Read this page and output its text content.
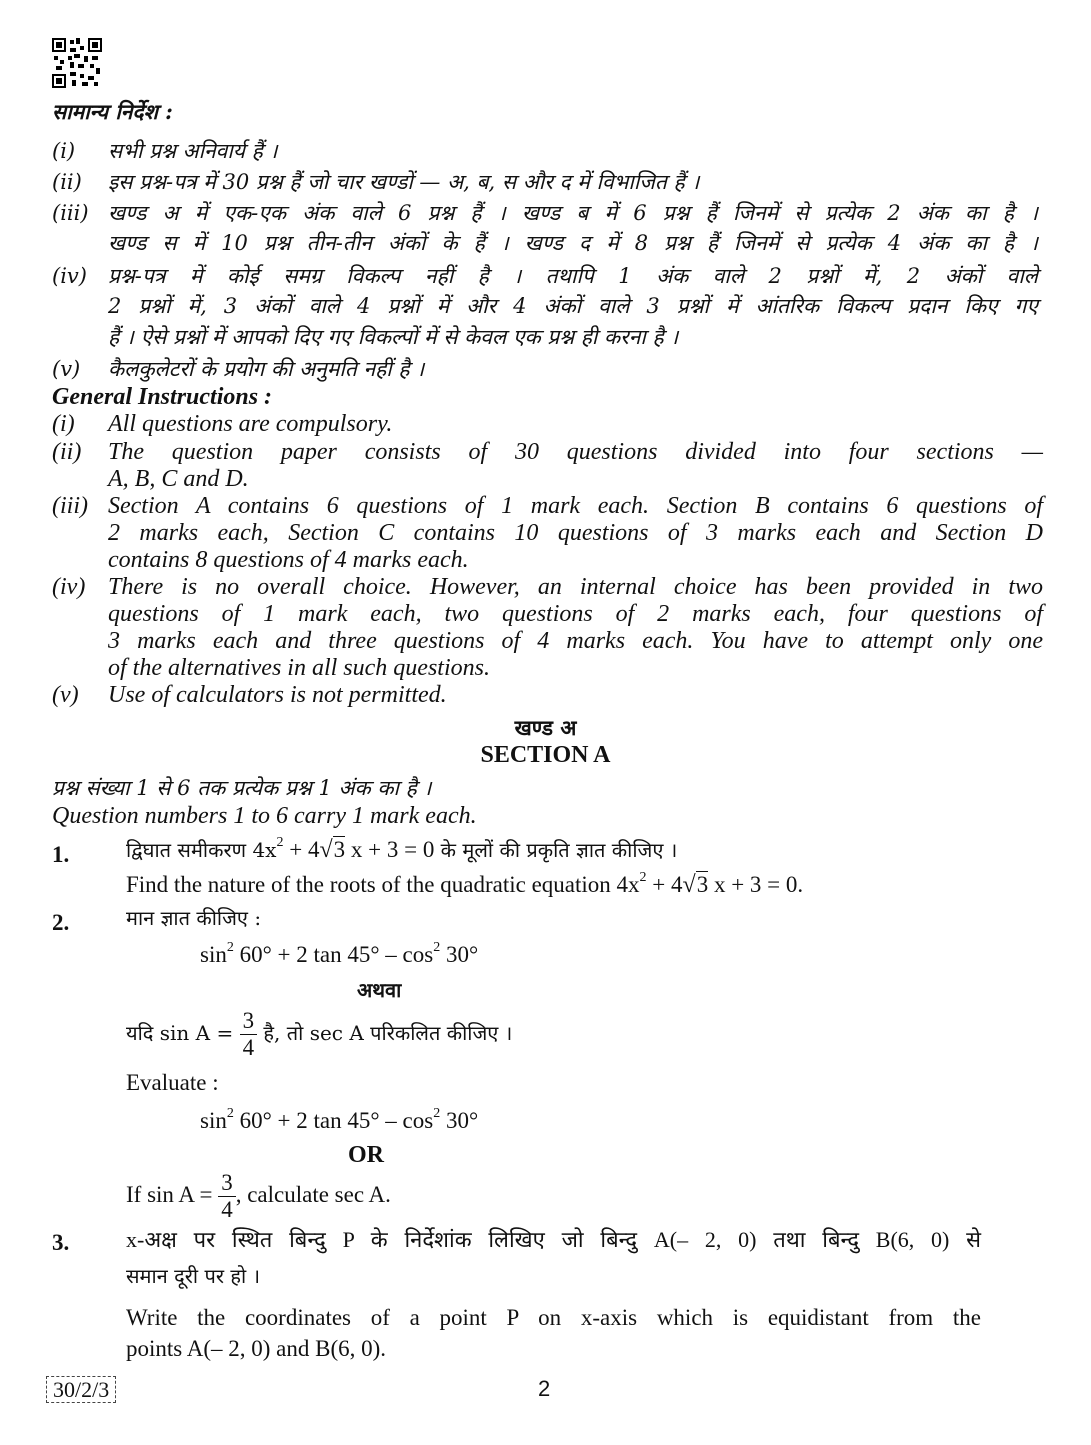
सामान्य निर्देश :
(i) सभी प्रश्न अनिवार्य हैं ।
(ii) इस प्रश्न-पत्र में 30 प्रश्न हैं जो चार खण्डों — अ, ब, स और द में विभाजित हैं ।
(iii) खण्ड अ में एक-एक अंक वाले 6 प्रश्न हैं । खण्ड ब में 6 प्रश्न हैं जिनमें से प्रत्येक 2 अंक का है ।
खण्ड स में 10 प्रश्न तीन-तीन अंकों के हैं । खण्ड द में 8 प्रश्न हैं जिनमें से प्रत्येक 4 अंक का है ।
(iv) प्रश्न-पत्र में कोई समग्र विकल्प नहीं है । तथापि 1 अंक वाले 2 प्रश्नों में, 2 अंकों वाले
2 प्रश्नों में, 3 अंकों वाले 4 प्रश्नों में और 4 अंकों वाले 3 प्रश्नों में आंतरिक विकल्प प्रदान किए गए
हैं । ऐसे प्रश्नों में आपको दिए गए विकल्पों में से केवल एक प्रश्न ही करना है ।
(v) कैलकुलेटरों के प्रयोग की अनुमति नहीं है ।
General Instructions :
(i) All questions are compulsory.
(ii) The question paper consists of 30 questions divided into four sections —
A, B, C and D.
(iii) Section A contains 6 questions of 1 mark each. Section B contains 6 questions of
2 marks each, Section C contains 10 questions of 3 marks each and Section D
contains 8 questions of 4 marks each.
(iv) There is no overall choice. However, an internal choice has been provided in two
questions of 1 mark each, two questions of 2 marks each, four questions of
3 marks each and three questions of 4 marks each. You have to attempt only one
of the alternatives in all such questions.
(v) Use of calculators is not permitted.
खण्ड अ
SECTION A
प्रश्न संख्या 1 से 6 तक प्रत्येक प्रश्न 1 अंक का है ।
Question numbers 1 to 6 carry 1 mark each.
1.	द्विघात समीकरण $4x^2 + 4√3$ x + 3 = 0 के मूलों की प्रकृति ज्ञात कीजिए ।
Find the nature of the roots of the quadratic equation $4x^2 + 4√3$ x + 3 = 0.
2.	मान ज्ञात कीजिए :
$\sin^2 60^\circ + 2$ $\tan 45^\circ - \cos^2 30^\circ$
अथवा
यदि $\sin A = \frac{3}{4}$ है, तो sec A परिकलित कीजिए ।
Evaluate :
$\sin^2 60^\circ + 2$ $\tan 45^\circ - \cos^2 30^\circ$
OR
If $\sin A = \frac{3}{4}$ , calculate sec A.
3.	x-अक्ष पर स्थित बिन्दु P के निर्देशांक लिखिए जो बिन्दु A(– 2, 0) तथा बिन्दु B(6, 0) से
समान दूरी पर हो ।
Write the coordinates of a point P on x-axis which is equidistant from the
points A(– 2, 0) and B(6, 0).
30/2/3	2
